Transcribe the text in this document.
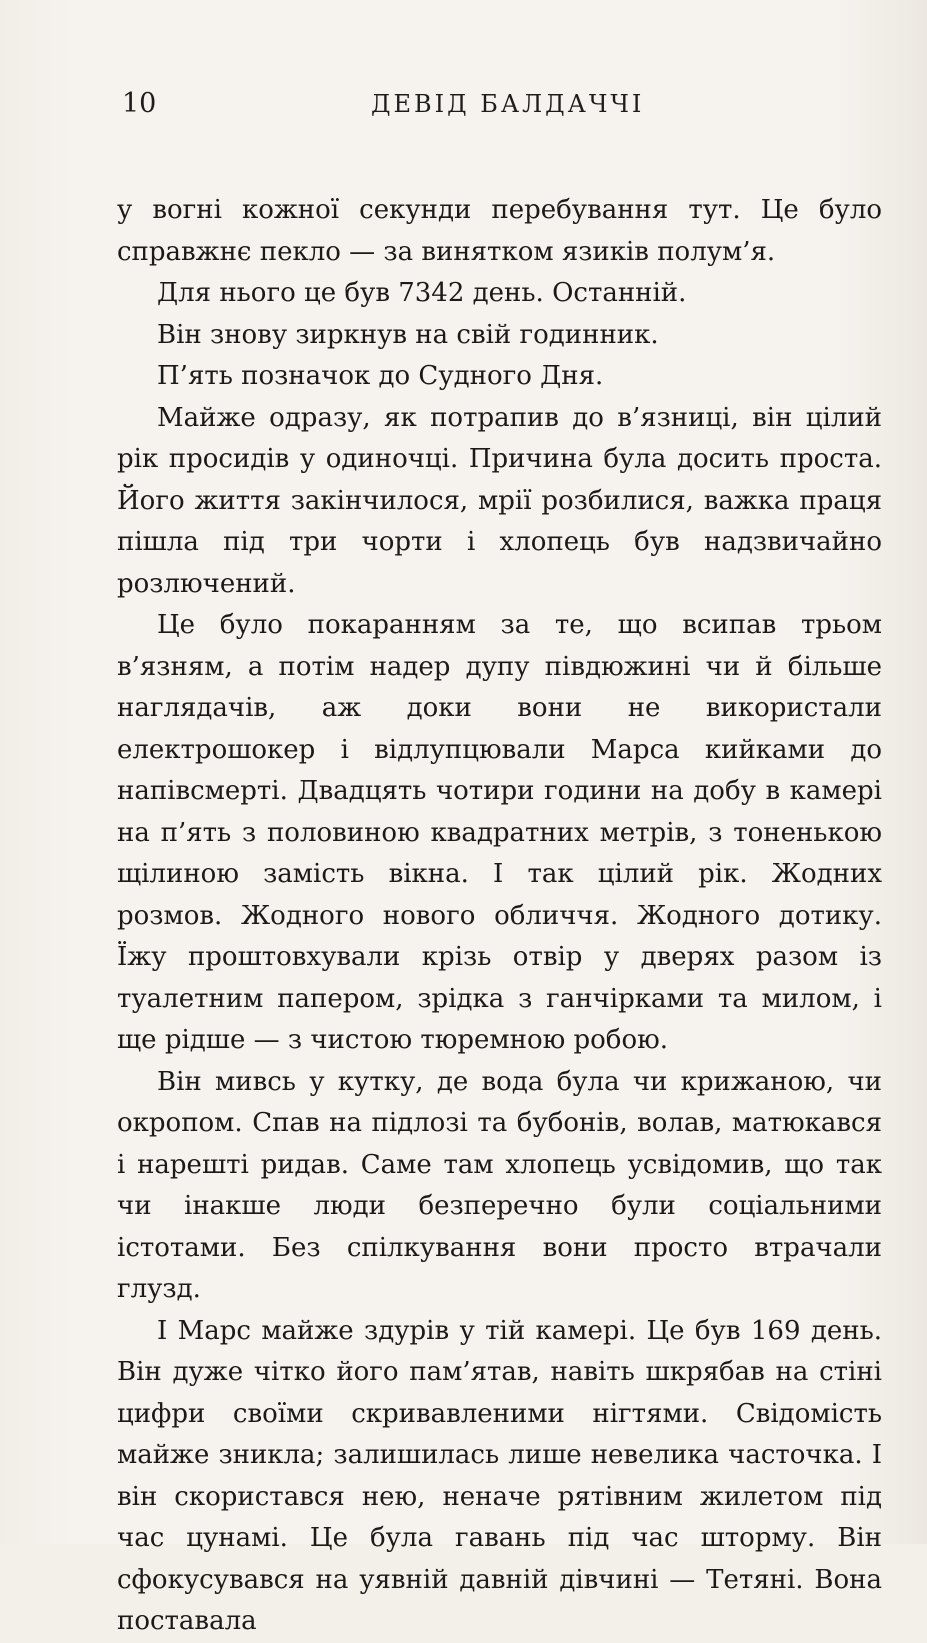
10	ДЕВІД БАЛДАЧЧІ

у вогні кожної секунди перебування тут. Це було справжнє пекло — за винятком язиків полум’я.

Для нього це був 7342 день. Останній.

Він знову зиркнув на свій годинник.

П’ять позначок до Судного Дня.

Майже одразу, як потрапив до в’язниці, він цілий рік просидів у одиночці. Причина була досить проста. Його життя закінчилося, мрії розбилися, важка праця пішла під три чорти і хлопець був надзвичайно розлючений.

Це було покаранням за те, що всипав трьом в’язням, а потім надер дупу півдюжині чи й більше наглядачів, аж доки вони не використали електрошокер і відлупцювали Марса кийками до напівсмерті. Двадцять чотири години на добу в камері на п’ять з половиною квадратних метрів, з тоненькою щілиною замість вікна. І так цілий рік. Жодних розмов. Жодного нового обличчя. Жодного дотику. Їжу проштовхували крізь отвір у дверях разом із туалетним папером, зрідка з ганчірками та милом, і ще рідше — з чистою тюремною робою.

Він мивсь у кутку, де вода була чи крижаною, чи окропом. Спав на підлозі та бубонів, волав, матюкався і нарешті ридав. Саме там хлопець усвідомив, що так чи інакше люди безперечно були соціальними істотами. Без спілкування вони просто втрачали глузд.

І Марс майже здурів у тій камері. Це був 169 день. Він дуже чітко його пам’ятав, навіть шкрябав на стіні цифри своїми скривавленими нігтями. Свідомість майже зникла; залишилась лише невелика часточка. І він скористався нею, неначе рятівним жилетом під час цунамі. Це була гавань під час шторму. Він сфокусувався на уявній давній дівчині — Тетяні. Вона поставала
